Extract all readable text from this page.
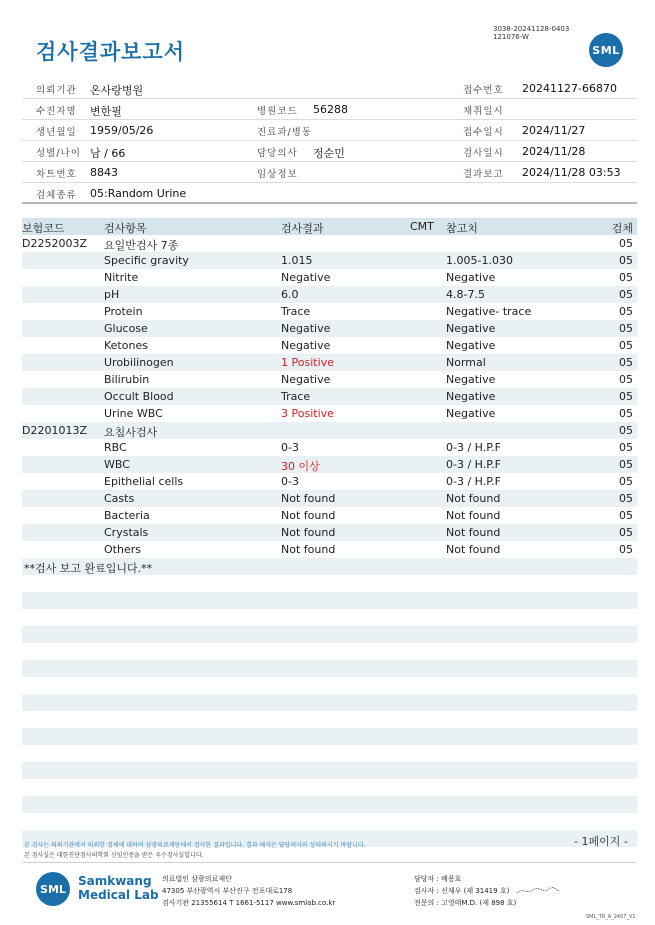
검사결과보고서
3038-20241128-0403
121076-W
SML
의뢰기관 온사랑병원	접수번호 20241127-66870
수진자명 변한필	병원코드 56288	채취일시
생년월일 1959/05/26	진료과/병동	접수일시 2024/11/27
성별/나이 남 / 66	담당의사 정순민	검사일시 2024/11/28
차트번호 8843	임상정보	결과보고 2024/11/28 03:53
검체종류 05:Random Urine
보험코드	검사항목	검사결과	CMT 참고치	검체
D2252003Z 요일반검사 7종	05
Specific gravity	1.015	1.005-1.030	05
Nitrite	Negative	Negative	05
pH	6.0	4.8-7.5	05
Protein	Trace	Negative- trace	05
Glucose	Negative	Negative	05
Ketones	Negative	Negative	05
Urobilinogen	1 Positive	Normal	05
Bilirubin	Negative	Negative	05
Occult Blood	Trace	Negative	05
Urine WBC	3 Positive	Negative	05
D2201013Z 요침사검사	05
RBC	0-3	0-3 / H.P.F	05
WBC	30 이상	0-3 / H.P.F	05
Epithelial cells	0-3	0-3 / H.P.F	05
Casts	Not found	Not found	05
Bacteria	Not found	Not found	05
Crystals	Not found	Not found	05
Others	Not found	Not found	05
**검사 보고 완료입니다.**
본 검사는 의뢰기관에서 의뢰한 검체에 대하여 삼광의료재단에서 검사한 결과입니다. 결과 해석은 담당의사와 상의하시기 바랍니다.
본 검사실은 대한진단검사의학회 신임인증을 받은 우수검사실입니다.
- 1페이지 -
SML
Samkwang
Medical Lab
의료법인 삼광의료재단
47305 부산광역시 부산진구 전포대로178
검사기관 21355614 T 1661-5117 www.smlab.co.kr
담당자 : 배용호
검사자 : 신재우 (제 31419 호)
전문의 : 고영태M.D. (제 898 호)
SML_TR_A_2407_V1
